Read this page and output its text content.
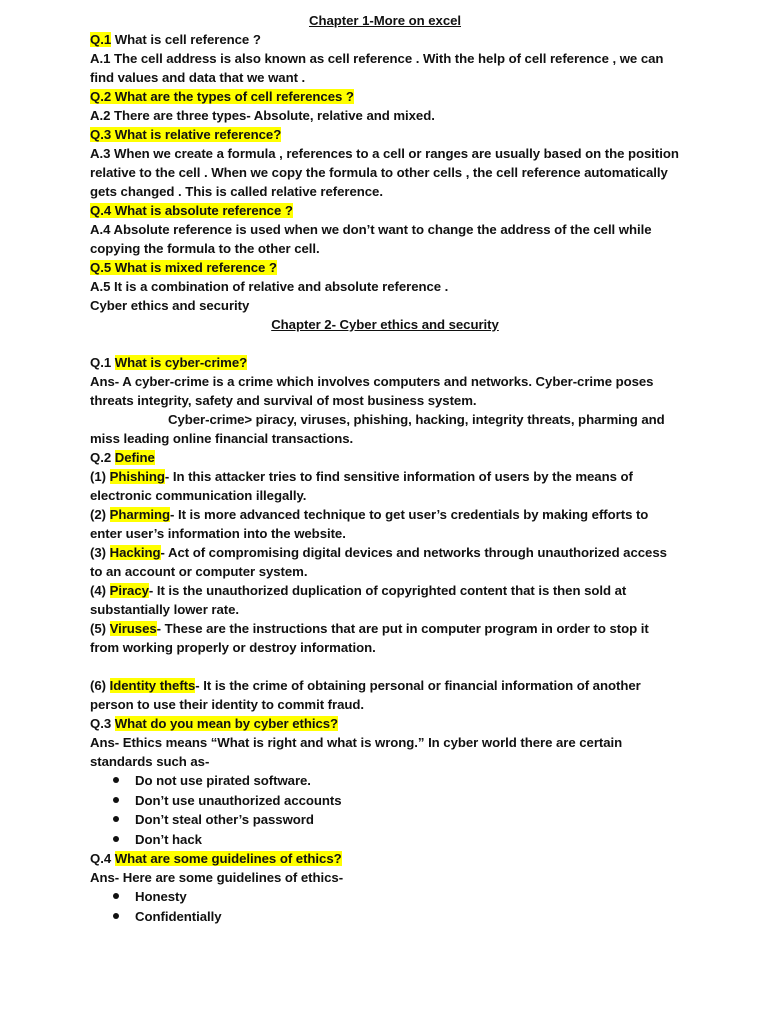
Chapter 1-More on excel
Q.1 What is cell reference ?
A.1 The cell address is also known as cell reference . With the help of cell reference , we can find values and data that we want .
Q.2 What are the types of cell references ?
A.2 There are three types- Absolute, relative and mixed.
Q.3 What is relative reference?
A.3 When we create a formula , references to a cell or ranges are usually based on the position relative to the cell . When we copy the formula to other cells , the cell reference automatically gets changed . This is called relative reference.
Q.4 What is absolute reference ?
A.4 Absolute reference is used when we don’t want to change the address of the cell while copying the formula to the other cell.
Q.5 What is mixed reference ?
A.5 It is a combination of relative and absolute reference .
Cyber ethics and security
Chapter 2- Cyber ethics and security
Q.1 What is cyber-crime?
Ans- A cyber-crime is a crime which involves computers and networks. Cyber-crime poses threats integrity, safety and survival of most business system.
Cyber-crime> piracy, viruses, phishing, hacking, integrity threats, pharming and
miss leading online financial transactions.
Q.2 Define
(1) Phishing- In this attacker tries to find sensitive information of users by the means of electronic communication illegally.
(2) Pharming- It is more advanced technique to get user’s credentials by making efforts to enter user’s information into the website.
(3) Hacking- Act of compromising digital devices and networks through unauthorized access to an account or computer system.
(4) Piracy- It is the unauthorized duplication of copyrighted content that is then sold at substantially lower rate.
(5) Viruses- These are the instructions that are put in computer program in order to stop it from working properly or destroy information.
(6) Identity thefts- It is the crime of obtaining personal or financial information of another person to use their identity to commit fraud.
Q.3 What do you mean by cyber ethics?
Ans- Ethics means “What is right and what is wrong.” In cyber world there are certain standards such as-
Do not use pirated software.
Don’t use unauthorized accounts
Don’t steal other’s password
Don’t hack
Q.4 What are some guidelines of ethics?
Ans- Here are some guidelines of ethics-
Honesty
Confidentially
